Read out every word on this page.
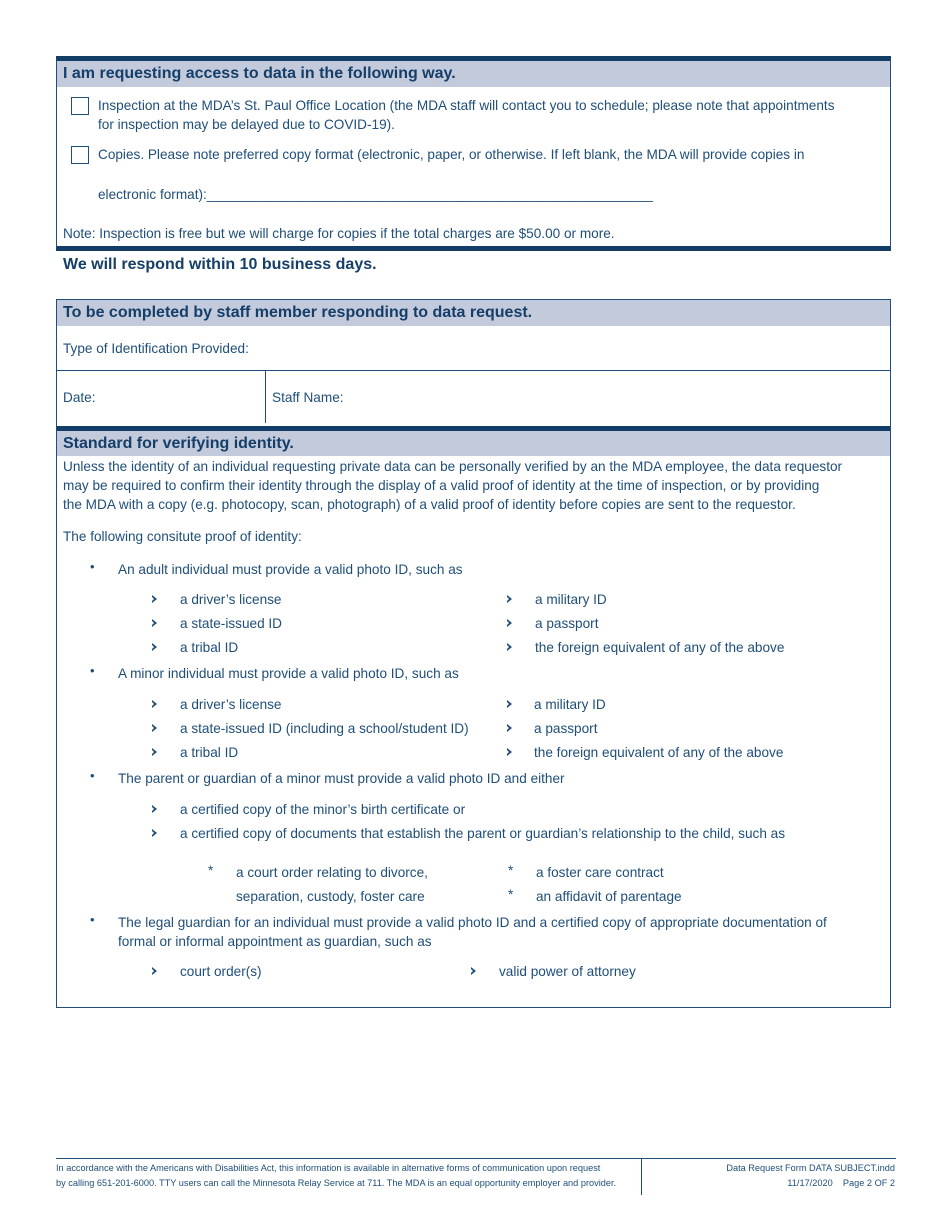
I am requesting access to data in the following way.
Inspection at the MDA’s St. Paul Office Location (the MDA staff will contact you to schedule; please note that appointments
for inspection may be delayed due to COVID-19).
Copies. Please note preferred copy format (electronic, paper, or otherwise. If left blank, the MDA will provide copies in
electronic format):___________________________________________________________
Note: Inspection is free but we will charge for copies if the total charges are $50.00 or more.
We will respond within 10 business days.
To be completed by staff member responding to data request.
Type of Identification Provided:
Date:	Staff Name:
Standard for verifying identity.
Unless the identity of an individual requesting private data can be personally verified by an the MDA employee, the data requestor
may be required to confirm their identity through the display of a valid proof of identity at the time of inspection, or by providing
the MDA with a copy (e.g. photocopy, scan, photograph) of a valid proof of identity before copies are sent to the requestor.
The following consitute proof of identity:
• An adult individual must provide a valid photo ID, such as
a driver’s license
a state-issued ID
a tribal ID
a military ID
a passport
the foreign equivalent of any of the above
• A minor individual must provide a valid photo ID, such as
a driver’s license
a state-issued ID (including a school/student ID)
a tribal ID
a military ID
a passport
the foreign equivalent of any of the above
• The parent or guardian of a minor must provide a valid photo ID and either
a certified copy of the minor’s birth certificate or
a certified copy of documents that establish the parent or guardian’s relationship to the child, such as
* a court order relating to divorce,
separation, custody, foster care
* a foster care contract
* an affidavit of parentage
• The legal guardian for an individual must provide a valid photo ID and a certified copy of appropriate documentation of
formal or informal appointment as guardian, such as
court order(s)	valid power of attorney
In accordance with the Americans with Disabilities Act, this information is available in alternative forms of communication upon request
by calling 651-201-6000. TTY users can call the Minnesota Relay Service at 711. The MDA is an equal opportunity employer and provider.
Data Request Form DATA SUBJECT.indd
11/17/2020 Page 2 OF 2
